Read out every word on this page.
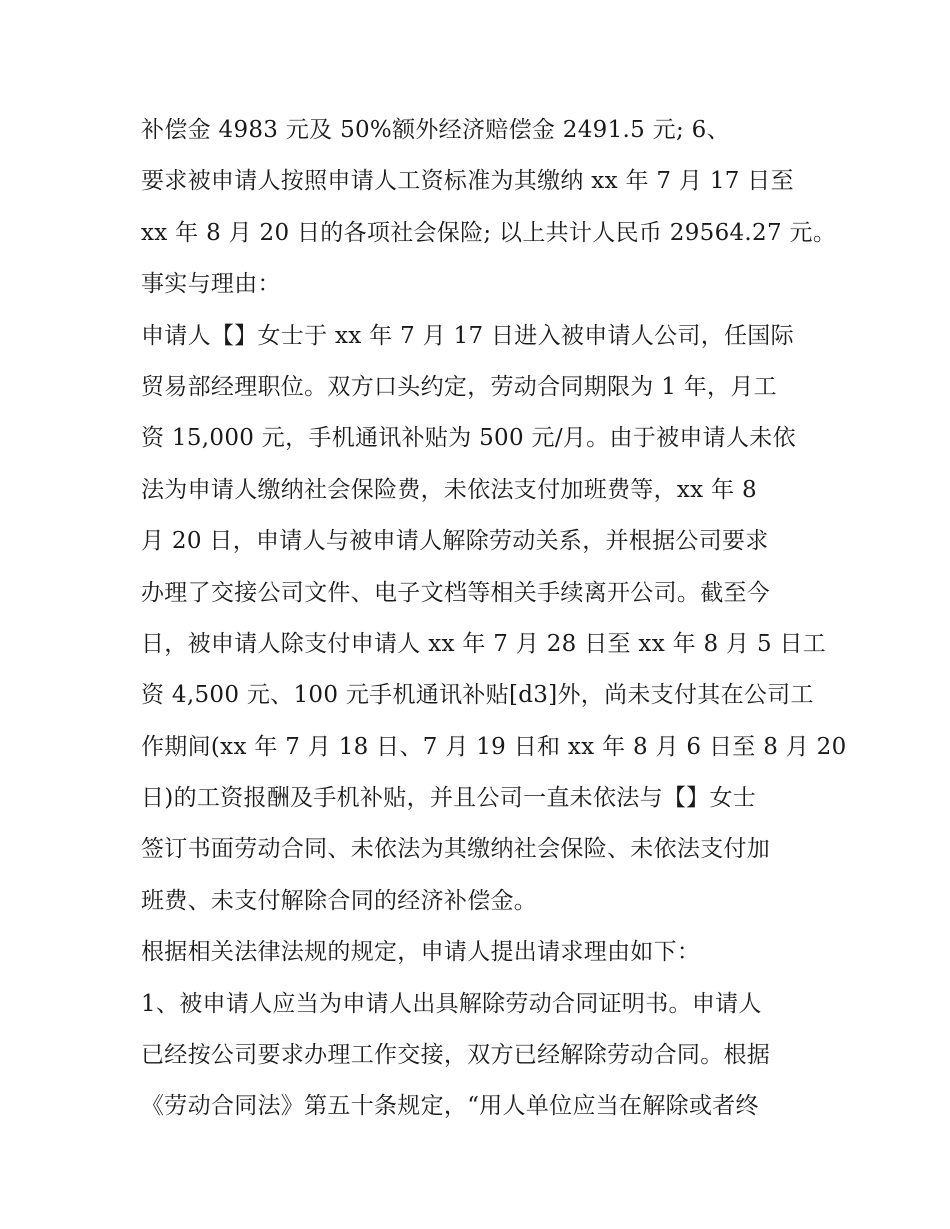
补偿金 4983 元及 50%额外经济赔偿金 2491.5 元; 6、
要求被申请人按照申请人工资标准为其缴纳 xx 年 7 月 17 日至
xx 年 8 月 20 日的各项社会保险; 以上共计人民币 29564.27 元。
事实与理由：
申请人【】女士于 xx 年 7 月 17 日进入被申请人公司，任国际
贸易部经理职位。双方口头约定，劳动合同期限为 1 年，月工
资 15,000 元，手机通讯补贴为 500 元/月。由于被申请人未依
法为申请人缴纳社会保险费，未依法支付加班费等，xx 年 8
月 20 日，申请人与被申请人解除劳动关系，并根据公司要求
办理了交接公司文件、电子文档等相关手续离开公司。截至今
日，被申请人除支付申请人 xx 年 7 月 28 日至 xx 年 8 月 5 日工
资 4,500 元、100 元手机通讯补贴[d3]外，尚未支付其在公司工
作期间(xx 年 7 月 18 日、7 月 19 日和 xx 年 8 月 6 日至 8 月 20
日)的工资报酬及手机补贴，并且公司一直未依法与【】女士
签订书面劳动合同、未依法为其缴纳社会保险、未依法支付加
班费、未支付解除合同的经济补偿金。
根据相关法律法规的规定，申请人提出请求理由如下：
1、被申请人应当为申请人出具解除劳动合同证明书。申请人
已经按公司要求办理工作交接，双方已经解除劳动合同。根据
《劳动合同法》第五十条规定，“用人单位应当在解除或者终
